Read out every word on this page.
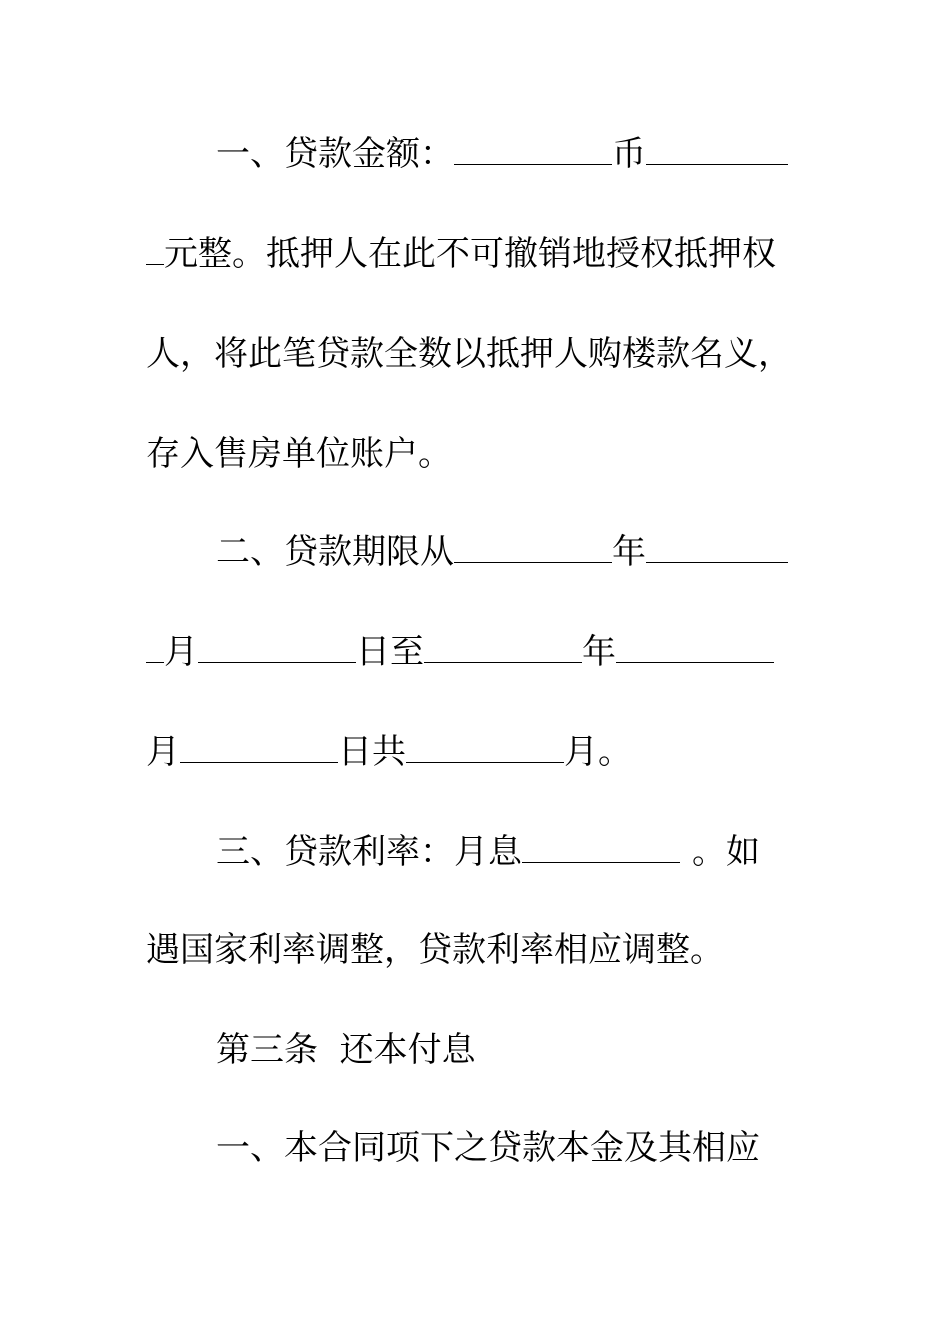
一、贷款金额：	币
元整。抵押人在此不可撤销地授权抵押权
人，将此笔贷款全数以抵押人购楼款名义，
存入售房单位账户。
二、贷款期限从	年
月	日至	年
月	日共	月。
三、贷款利率：月息	。如
遇国家利率调整，贷款利率相应调整。
第三条  还本付息
一、本合同项下之贷款本金及其相应
